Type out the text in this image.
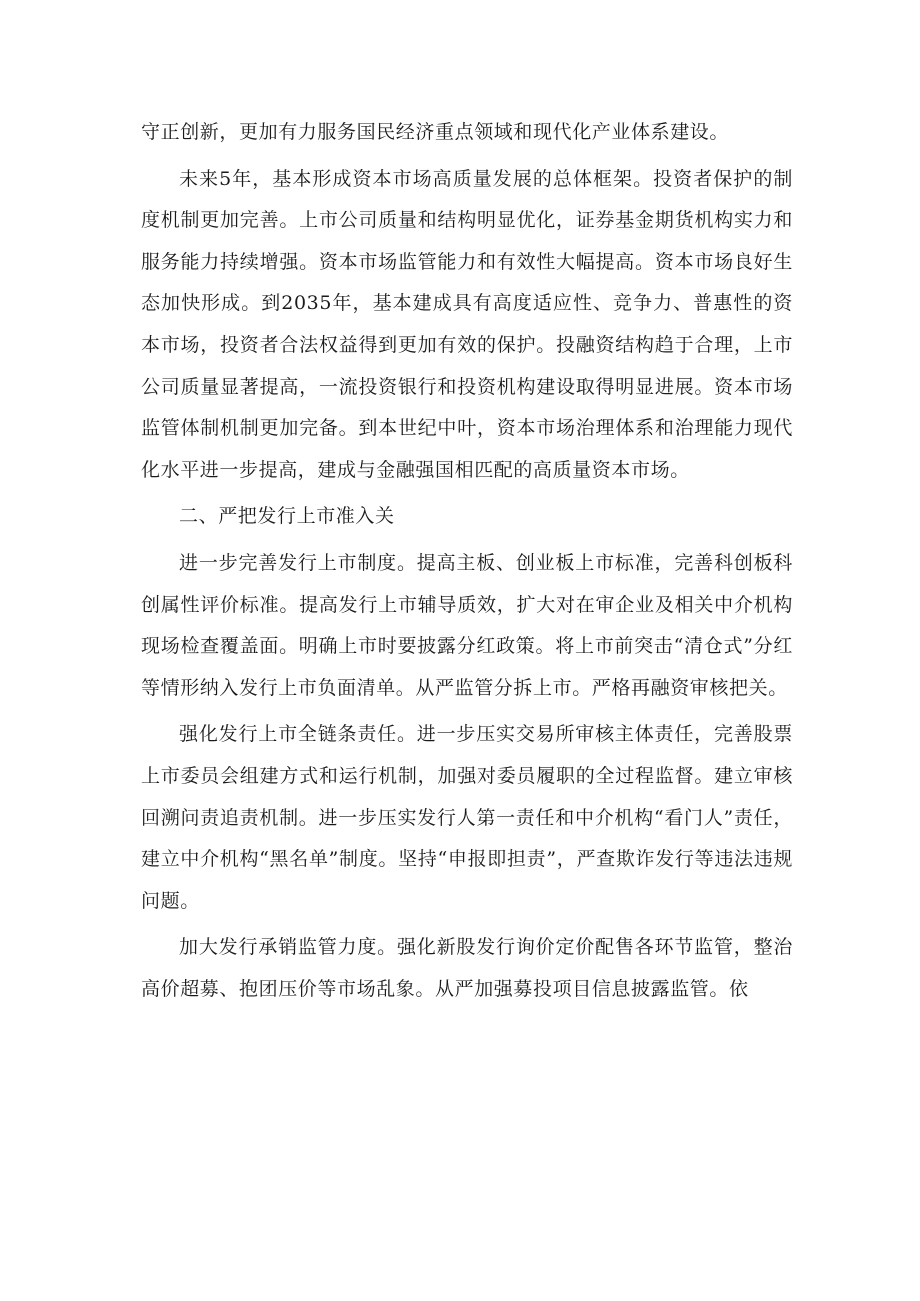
守正创新，更加有力服务国民经济重点领域和现代化产业体系建设。

未来5年，基本形成资本市场高质量发展的总体框架。投资者保护的制度机制更加完善。上市公司质量和结构明显优化，证券基金期货机构实力和服务能力持续增强。资本市场监管能力和有效性大幅提高。资本市场良好生态加快形成。到2035年，基本建成具有高度适应性、竞争力、普惠性的资本市场，投资者合法权益得到更加有效的保护。投融资结构趋于合理，上市公司质量显著提高，一流投资银行和投资机构建设取得明显进展。资本市场监管体制机制更加完备。到本世纪中叶，资本市场治理体系和治理能力现代化水平进一步提高，建成与金融强国相匹配的高质量资本市场。

二、严把发行上市准入关

进一步完善发行上市制度。提高主板、创业板上市标准，完善科创板科创属性评价标准。提高发行上市辅导质效，扩大对在审企业及相关中介机构现场检查覆盖面。明确上市时要披露分红政策。将上市前突击“清仓式”分红等情形纳入发行上市负面清单。从严监管分拆上市。严格再融资审核把关。

强化发行上市全链条责任。进一步压实交易所审核主体责任，完善股票上市委员会组建方式和运行机制，加强对委员履职的全过程监督。建立审核回溯问责追责机制。进一步压实发行人第一责任和中介机构“看门人”责任，建立中介机构“黑名单”制度。坚持“申报即担责”，严查欺诈发行等违法违规问题。

加大发行承销监管力度。强化新股发行询价定价配售各环节监管，整治高价超募、抱团压价等市场乱象。从严加强募投项目信息披露监管。依
